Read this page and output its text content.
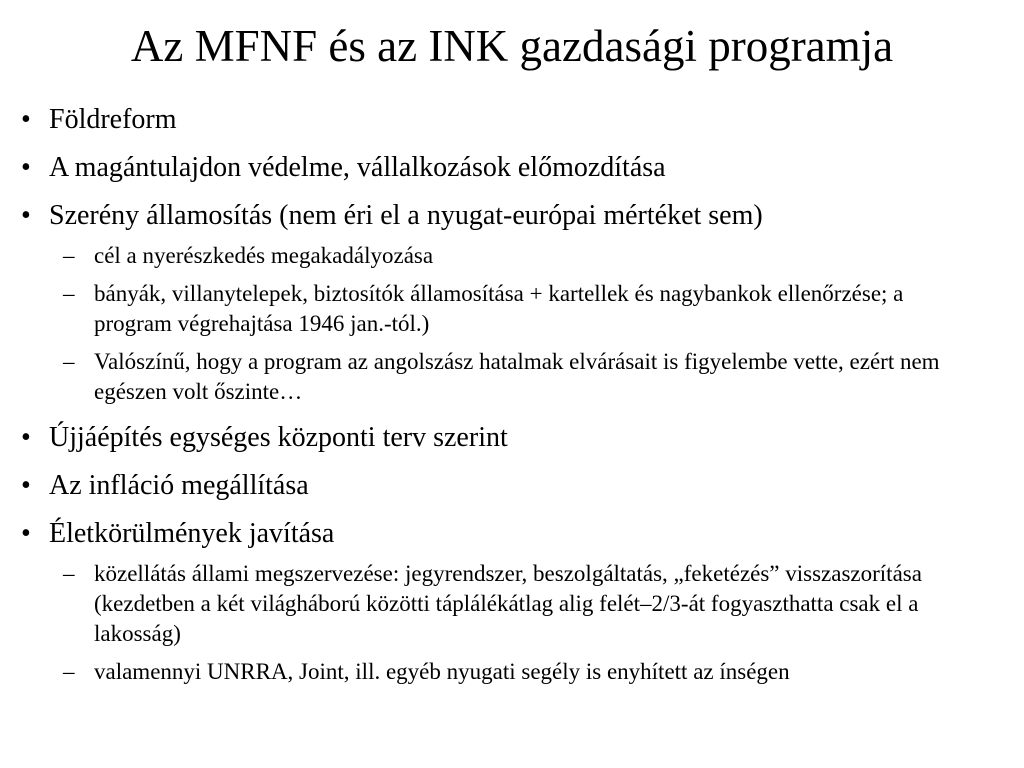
Az MFNF és az INK gazdasági programja
• Földreform
• A magántulajdon védelme, vállalkozások előmozdítása
• Szerény államosítás (nem éri el a nyugat-európai mértéket sem)
– cél a nyerészkedés megakadályozása
– bányák, villanytelepek, biztosítók államosítása + kartellek és nagybankok ellenőrzése; a program végrehajtása 1946 jan.-tól.)
– Valószínű, hogy a program az angolszász hatalmak elvárásait is figyelembe vette, ezért nem egészen volt őszinte…
• Újjáépítés egységes központi terv szerint
• Az infláció megállítása
• Életkörülmények javítása
– közellátás állami megszervezése: jegyrendszer, beszolgáltatás, „feketézés” visszaszorítása (kezdetben a két világháború közötti táplálékátlag alig felét–2/3-át fogyaszthatta csak el a lakosság)
– valamennyi UNRRA, Joint, ill. egyéb nyugati segély is enyhített az ínségen
